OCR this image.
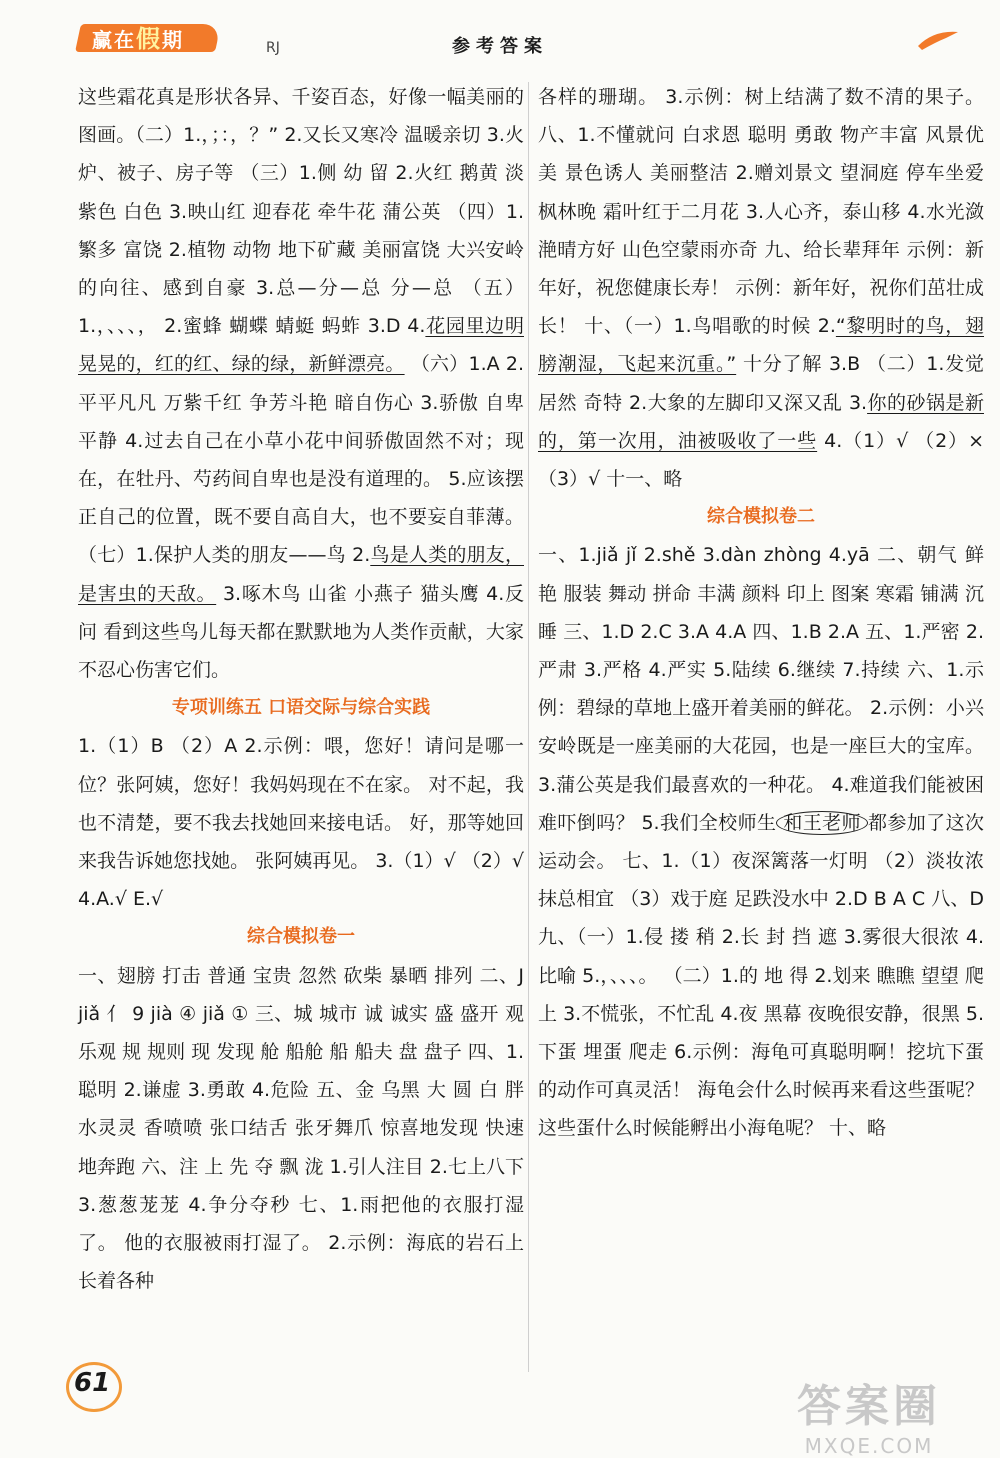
赢在假期	RJ	参考答案

这些霜花真是形状各异、千姿百态，好像一幅美丽的图画。（二）1.，；：，？” 2.又长又寒冷 温暖亲切 3.火炉、被子、房子等 （三）1.侧 幼 留 2.火红 鹅黄 淡紫色 白色 3.映山红 迎春花 牵牛花 蒲公英 （四）1.繁多 富饶 2.植物 动物 地下矿藏 美丽富饶 大兴安岭的向往、感到自豪 3.总—分—总 分—总 （五）1.，、、、， 2.蜜蜂 蝴蝶 蜻蜓 蚂蚱 3.D 4.花园里边明晃晃的，红的红、绿的绿，新鲜漂亮。 （六）1.A 2.平平凡凡 万紫千红 争芳斗艳 暗自伤心 3.骄傲 自卑 平静 4.过去自己在小草小花中间骄傲固然不对；现在，在牡丹、芍药间自卑也是没有道理的。 5.应该摆正自己的位置，既不要自高自大，也不要妄自菲薄。 （七）1.保护人类的朋友——鸟 2.鸟是人类的朋友，是害虫的天敌。 3.啄木鸟 山雀 小燕子 猫头鹰 4.反问 看到这些鸟儿每天都在默默地为人类作贡献，大家不忍心伤害它们。

专项训练五 口语交际与综合实践

1.（1）B （2）A 2.示例：喂，您好！请问是哪一位？张阿姨，您好！我妈妈现在不在家。 对不起，我也不清楚，要不我去找她回来接电话。 好，那等她回来我告诉她您找她。 张阿姨再见。 3.（1）√ （2）√ 4.A.√ E.√

综合模拟卷一

一、翅膀 打击 普通 宝贵 忽然 砍柴 暴晒 排列 二、J jiǎ 亻 9 jià ④ jiǎ ① 三、城 城市 诚 诚实 盛 盛开 观 乐观 规 规则 现 发现 舱 船舱 船 船夫 盘 盘子 四、1.聪明 2.谦虚 3.勇敢 4.危险 五、金 乌黑 大 圆 白 胖 水灵灵 香喷喷 张口结舌 张牙舞爪 惊喜地发现 快速地奔跑 六、注 上 先 夺 飘 泷 1.引人注目 2.七上八下 3.葱葱茏茏 4.争分夺秒 七、1.雨把他的衣服打湿了。 他的衣服被雨打湿了。 2.示例：海底的岩石上长着各种

各样的珊瑚。 3.示例：树上结满了数不清的果子。 八、1.不懂就问 白求恩 聪明 勇敢 物产丰富 风景优美 景色诱人 美丽整洁 2.赠刘景文 望洞庭 停车坐爱枫林晚 霜叶红于二月花 3.人心齐，泰山移 4.水光潋滟晴方好 山色空蒙雨亦奇 九、给长辈拜年 示例：新年好，祝您健康长寿！ 示例：新年好，祝你们茁壮成长！ 十、（一）1.鸟唱歌的时候 2.“黎明时的鸟，翅膀潮湿，飞起来沉重。” 十分了解 3.B （二）1.发觉 居然 奇特 2.大象的左脚印又深又乱 3.你的砂锅是新的，第一次用，油被吸收了一些 4.（1）√ （2）× （3）√ 十一、略

综合模拟卷二

一、1.jiǎ jǐ 2.shě 3.dàn zhòng 4.yā 二、朝气 鲜艳 服装 舞动 拼命 丰满 颜料 印上 图案 寒霜 铺满 沉睡 三、1.D 2.C 3.A 4.A 四、1.B 2.A 五、1.严密 2.严肃 3.严格 4.严实 5.陆续 6.继续 7.持续 六、1.示例：碧绿的草地上盛开着美丽的鲜花。 2.示例：小兴安岭既是一座美丽的大花园，也是一座巨大的宝库。 3.蒲公英是我们最喜欢的一种花。 4.难道我们能被困难吓倒吗？ 5.我们全校师生 和王老师 都参加了这次运动会。 七、1.（1）夜深篱落一灯明 （2）淡妆浓抹总相宜 （3）戏于庭 足跌没水中 2.D B A C 八、D 九、（一）1.侵 搂 稍 2.长 封 挡 遮 3.雾很大很浓 4.比喻 5.，、、、。 （二）1.的 地 得 2.划来 瞧瞧 望望 爬上 3.不慌张，不忙乱 4.夜 黑幕 夜晚很安静，很黑 5.下蛋 埋蛋 爬走 6.示例：海龟可真聪明啊！挖坑下蛋的动作可真灵活！ 海龟会什么时候再来看这些蛋呢？这些蛋什么时候能孵出小海龟呢？ 十、略

61	答案圈
MXQE.COM
